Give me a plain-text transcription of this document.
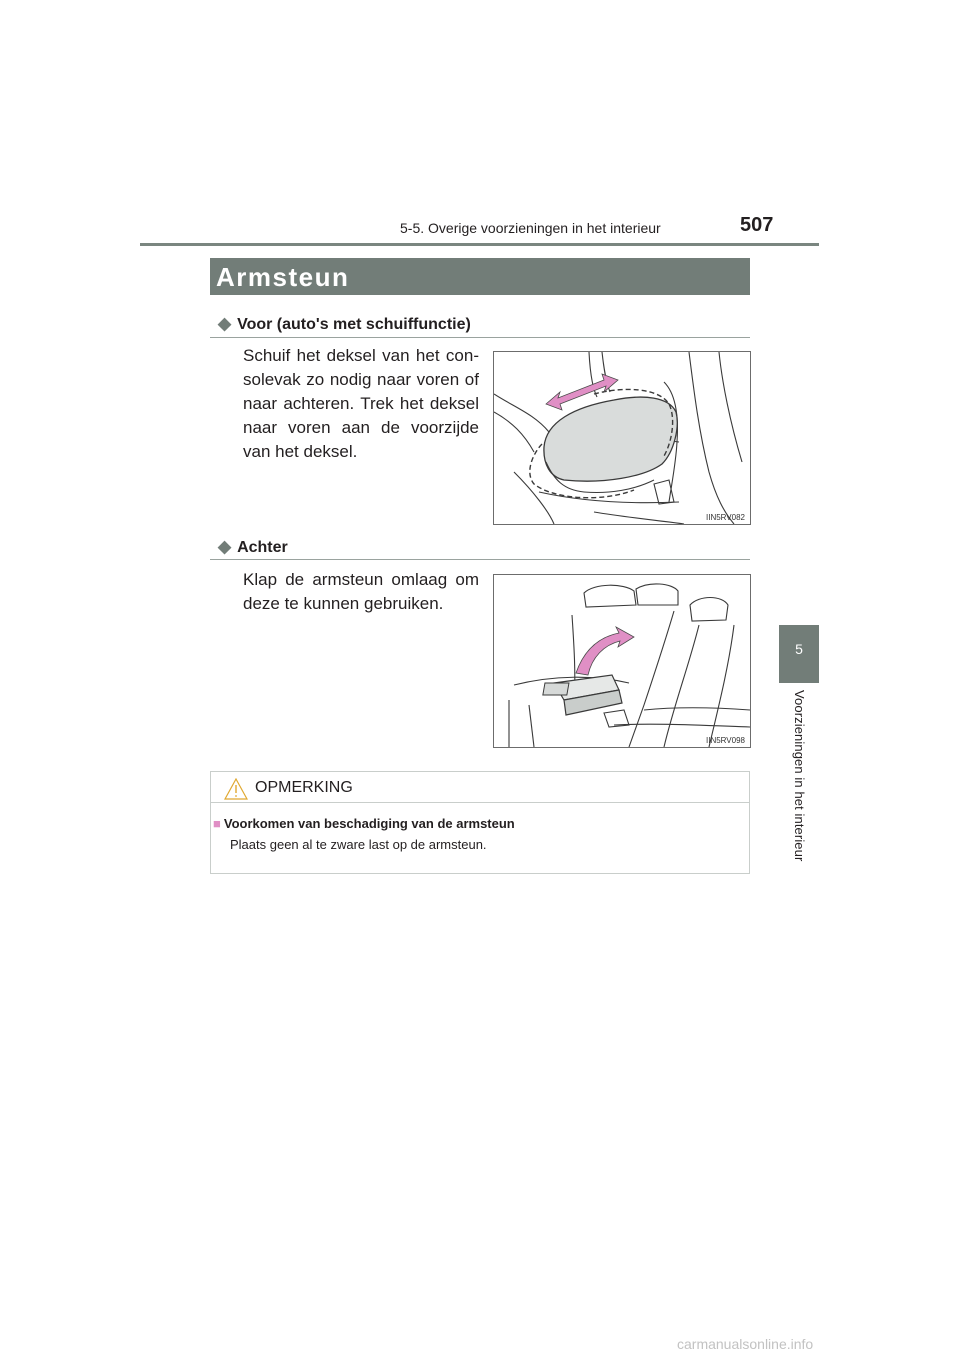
5-5. Overige voorzieningen in het interieur	507
5
Voorzieningen in het interieur
Armsteun
◆ Voor (auto's met schuiffunctie)
Schuif het deksel van het con-solevak zo nodig naar voren of naar achteren. Trek het deksel naar voren aan de voorzijde van het deksel.
IIN5RV082
◆ Achter
Klap de armsteun omlaag om deze te kunnen gebruiken.
IIN5RV098
OPMERKING
■ Voorkomen van beschadiging van de armsteun
Plaats geen al te zware last op de armsteun.
carmanualsonline.info
